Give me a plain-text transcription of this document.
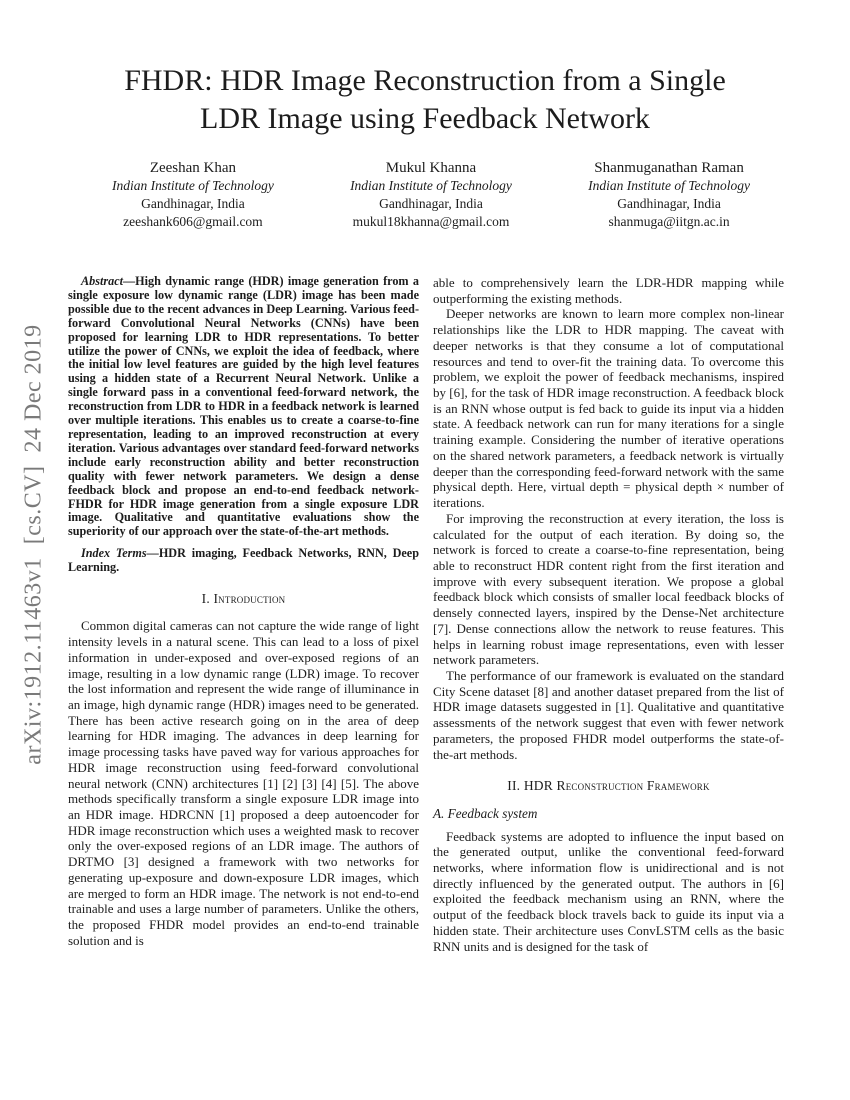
arXiv:1912.11463v1  [cs.CV]  24 Dec 2019
FHDR: HDR Image Reconstruction from a Single LDR Image using Feedback Network
Zeeshan Khan
Indian Institute of Technology
Gandhinagar, India
zeeshank606@gmail.com
Mukul Khanna
Indian Institute of Technology
Gandhinagar, India
mukul18khanna@gmail.com
Shanmuganathan Raman
Indian Institute of Technology
Gandhinagar, India
shanmuga@iitgn.ac.in

Abstract—High dynamic range (HDR) image generation from a single exposure low dynamic range (LDR) image has been made possible due to the recent advances in Deep Learning. Various feed-forward Convolutional Neural Networks (CNNs) have been proposed for learning LDR to HDR representations. To better utilize the power of CNNs, we exploit the idea of feedback, where the initial low level features are guided by the high level features using a hidden state of a Recurrent Neural Network. Unlike a single forward pass in a conventional feed-forward network, the reconstruction from LDR to HDR in a feedback network is learned over multiple iterations. This enables us to create a coarse-to-fine representation, leading to an improved reconstruction at every iteration. Various advantages over standard feed-forward networks include early reconstruction ability and better reconstruction quality with fewer network parameters. We design a dense feedback block and propose an end-to-end feedback network- FHDR for HDR image generation from a single exposure LDR image. Qualitative and quantitative evaluations show the superiority of our approach over the state-of-the-art methods.

Index Terms—HDR imaging, Feedback Networks, RNN, Deep Learning.

I. Introduction

Common digital cameras can not capture the wide range of light intensity levels in a natural scene. This can lead to a loss of pixel information in under-exposed and over-exposed regions of an image, resulting in a low dynamic range (LDR) image. To recover the lost information and represent the wide range of illuminance in an image, high dynamic range (HDR) images need to be generated. There has been active research going on in the area of deep learning for HDR imaging. The advances in deep learning for image processing tasks have paved way for various approaches for HDR image reconstruction using feed-forward convolutional neural network (CNN) architectures [1] [2] [3] [4] [5]. The above methods specifically transform a single exposure LDR image into an HDR image. HDRCNN [1] proposed a deep autoencoder for HDR image reconstruction which uses a weighted mask to recover only the over-exposed regions of an LDR image. The authors of DRTMO [3] designed a framework with two networks for generating up-exposure and down-exposure LDR images, which are merged to form an HDR image. The network is not end-to-end trainable and uses a large number of parameters. Unlike the others, the proposed FHDR model provides an end-to-end trainable solution and is

able to comprehensively learn the LDR-HDR mapping while outperforming the existing methods.

Deeper networks are known to learn more complex non-linear relationships like the LDR to HDR mapping. The caveat with deeper networks is that they consume a lot of computational resources and tend to over-fit the training data. To overcome this problem, we exploit the power of feedback mechanisms, inspired by [6], for the task of HDR image reconstruction. A feedback block is an RNN whose output is fed back to guide its input via a hidden state. A feedback network can run for many iterations for a single training example. Considering the number of iterative operations on the shared network parameters, a feedback network is virtually deeper than the corresponding feed-forward network with the same physical depth. Here, virtual depth = physical depth × number of iterations.

For improving the reconstruction at every iteration, the loss is calculated for the output of each iteration. By doing so, the network is forced to create a coarse-to-fine representation, being able to reconstruct HDR content right from the first iteration and improve with every subsequent iteration. We propose a global feedback block which consists of smaller local feedback blocks of densely connected layers, inspired by the Dense-Net architecture [7]. Dense connections allow the network to reuse features. This helps in learning robust image representations, even with lesser network parameters.

The performance of our framework is evaluated on the standard City Scene dataset [8] and another dataset prepared from the list of HDR image datasets suggested in [1]. Qualitative and quantitative assessments of the network suggest that even with fewer network parameters, the proposed FHDR model outperforms the state-of-the-art methods.

II. HDR Reconstruction Framework
A. Feedback system

Feedback systems are adopted to influence the input based on the generated output, unlike the conventional feed-forward networks, where information flow is unidirectional and is not directly influenced by the generated output. The authors in [6] exploited the feedback mechanism using an RNN, where the output of the feedback block travels back to guide its input via a hidden state. Their architecture uses ConvLSTM cells as the basic RNN units and is designed for the task of
